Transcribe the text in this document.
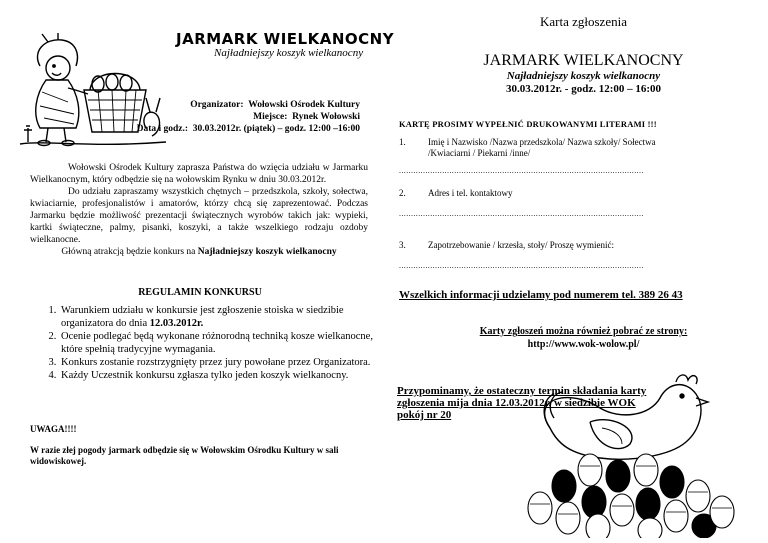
JARMARK WIELKANOCNY
Najładniejszy koszyk wielkanocny
Organizator: Wołowski Ośrodek Kultury
Miejsce: Rynek Wołowski
Data i godz.: 30.03.2012r. (piątek) – godz. 12:00 –16:00

Wołowski Ośrodek Kultury zaprasza Państwa do wzięcia udziału w Jarmarku Wielkanocnym, który odbędzie się na wołowskim Rynku w dniu 30.03.2012r.

Do udziału zapraszamy wszystkich chętnych – przedszkola, szkoły, sołectwa, kwiaciarnie, profesjonalistów i amatorów, którzy chcą się zaprezentować. Podczas Jarmarku będzie możliwość prezentacji świątecznych wyrobów takich jak: wypieki, kartki świąteczne, palmy, pisanki, koszyki, a także wszelkiego rodzaju ozdoby wielkanocne.

Główną atrakcją będzie konkurs na Najładniejszy koszyk wielkanocny

REGULAMIN KONKURSU
1. Warunkiem udziału w konkursie jest zgłoszenie stoiska w siedzibie organizatora do dnia 12.03.2012r.
2. Ocenie podlegać będą wykonane różnorodną techniką kosze wielkanocne, które spełnią tradycyjne wymagania.
3. Konkurs zostanie rozstrzygnięty przez jury powołane przez Organizatora.
4. Każdy Uczestnik konkursu zgłasza tylko jeden koszyk wielkanocny.
UWAGA!!!!
W razie złej pogody jarmark odbędzie się w Wołowskim Ośrodku Kultury w sali widowiskowej.
Karta zgłoszenia
JARMARK WIELKANOCNY
Najładniejszy koszyk wielkanocny
30.03.2012r. - godz. 12:00 – 16:00
KARTĘ PROSIMY WYPEŁNIĆ DRUKOWANYMI LITERAMI !!!
1. Imię i Nazwisko /Nazwa przedszkola/ Nazwa szkoły/ Sołectwa /Kwiaciarni / Piekarni /inne/
......................................................................................................
2. Adres i tel. kontaktowy
......................................................................................................
3. Zapotrzebowanie / krzesła, stoły/ Proszę wymienić:
......................................................................................................
Wszelkich informacji udzielamy pod numerem tel. 389 26 43
Karty zgłoszeń można również pobrać ze strony:
http://www.wok-wolow.pl/
Przypominamy, że ostateczny termin składania karty zgłoszenia mija dnia 12.03.2012r. w siedzibie WOK pokój nr 20
